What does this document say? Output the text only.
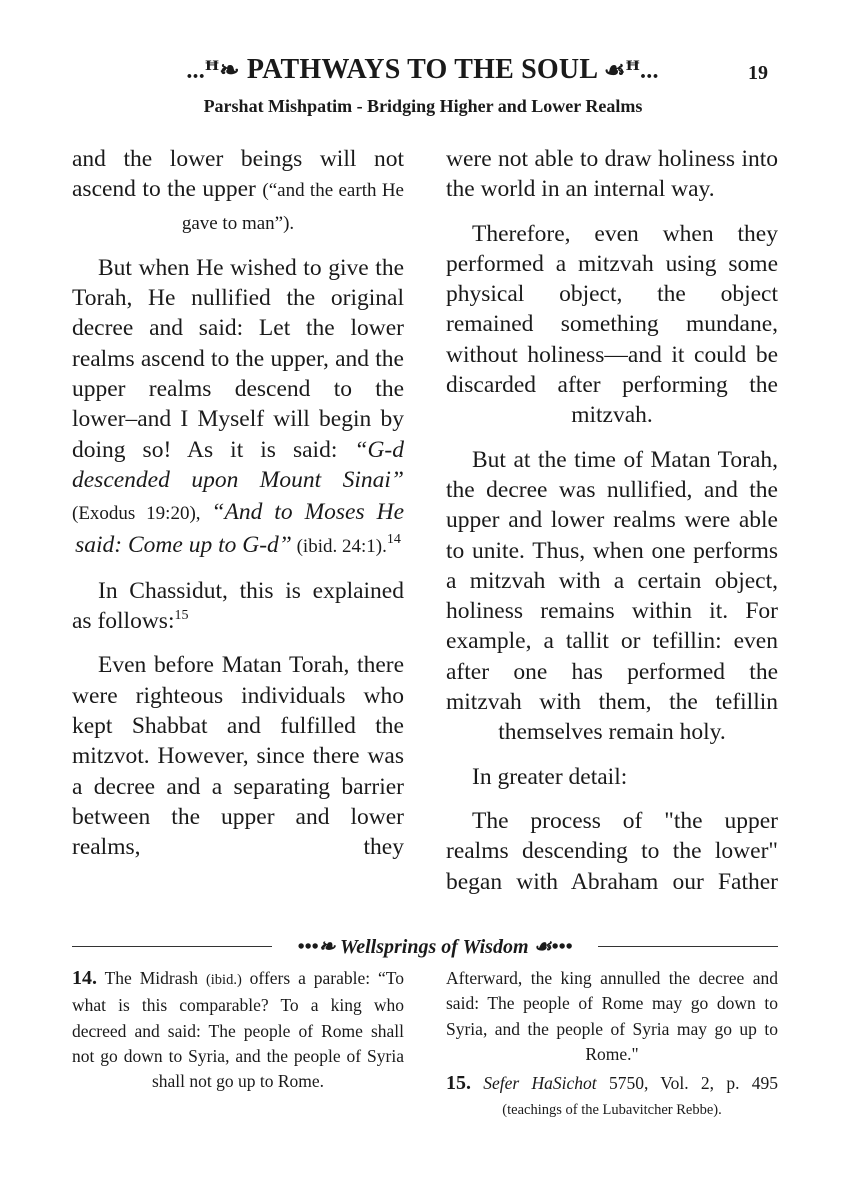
...ꟸ❧ PATHWAYS TO THE SOUL ☙ꟸ...	19
Parshat Mishpatim - Bridging Higher and Lower Realms

and the lower beings will not ascend to the upper (“and the earth He gave to man”).

But when He wished to give the Torah, He nullified the original decree and said: Let the lower realms ascend to the upper, and the upper realms descend to the lower–and I Myself will begin by doing so! As it is said: “G-d descended upon Mount Sinai” (Exodus 19:20), “And to Moses He said: Come up to G-d” (ibid. 24:1).$^{14}$

In Chassidut, this is explained as follows:$^{15}$

Even before Matan Torah, there were righteous individuals who kept Shabbat and fulfilled the mitzvot. However, since there was a decree and a separating barrier between the upper and lower realms, they

were not able to draw holiness into the world in an internal way.

Therefore, even when they performed a mitzvah using some physical object, the object remained something mundane, without holiness—and it could be discarded after performing the mitzvah.

But at the time of Matan Torah, the decree was nullified, and the upper and lower realms were able to unite. Thus, when one performs a mitzvah with a certain object, holiness remains within it. For example, a tallit or tefillin: even after one has performed the mitzvah with them, the tefillin themselves remain holy.

In greater detail:

The process of "the upper realms descending to the lower" began with Abraham our Father

•••❧ Wellsprings of Wisdom ☙•••

14. The Midrash (ibid.) offers a parable: “To what is this comparable? To a king who decreed and said: The people of Rome shall not go down to Syria, and the people of Syria shall not go up to Rome.

Afterward, the king annulled the decree and said: The people of Rome may go down to Syria, and the people of Syria may go up to Rome."

15. Sefer HaSichot 5750, Vol. 2, p. 495 (teachings of the Lubavitcher Rebbe).
